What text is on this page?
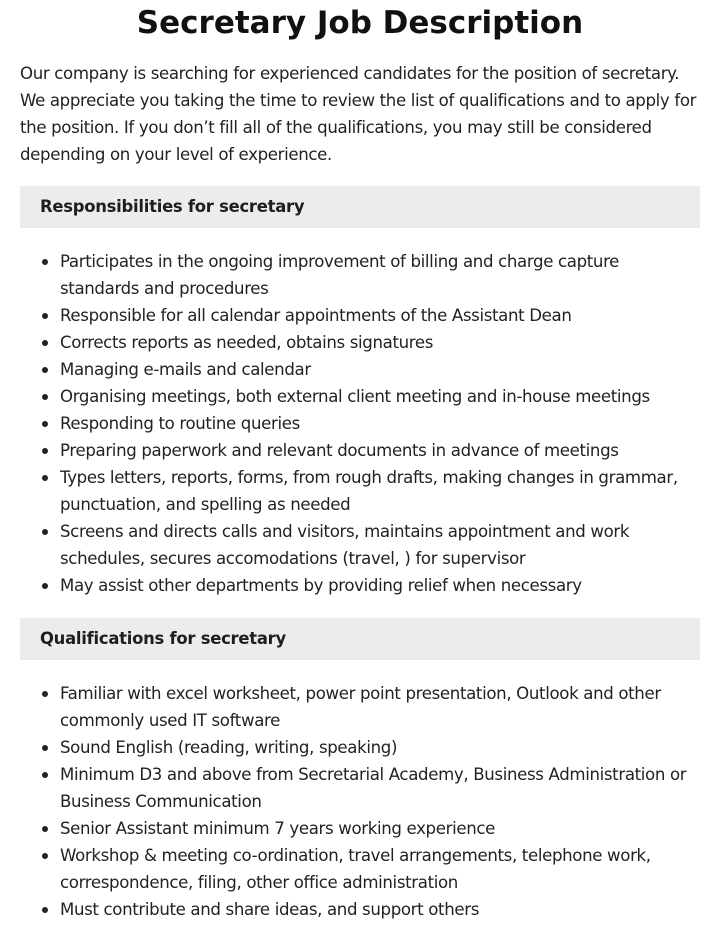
Secretary Job Description

Our company is searching for experienced candidates for the position of secretary. We appreciate you taking the time to review the list of qualifications and to apply for the position. If you don’t fill all of the qualifications, you may still be considered depending on your level of experience.

Responsibilities for secretary
Participates in the ongoing improvement of billing and charge capture standards and procedures
Responsible for all calendar appointments of the Assistant Dean
Corrects reports as needed, obtains signatures
Managing e-mails and calendar
Organising meetings, both external client meeting and in-house meetings
Responding to routine queries
Preparing paperwork and relevant documents in advance of meetings
Types letters, reports, forms, from rough drafts, making changes in grammar, punctuation, and spelling as needed
Screens and directs calls and visitors, maintains appointment and work schedules, secures accomodations (travel, ) for supervisor
May assist other departments by providing relief when necessary
Qualifications for secretary
Familiar with excel worksheet, power point presentation, Outlook and other commonly used IT software
Sound English (reading, writing, speaking)
Minimum D3 and above from Secretarial Academy, Business Administration or Business Communication
Senior Assistant minimum 7 years working experience
Workshop & meeting co-ordination, travel arrangements, telephone work, correspondence, filing, other office administration
Must contribute and share ideas, and support others
